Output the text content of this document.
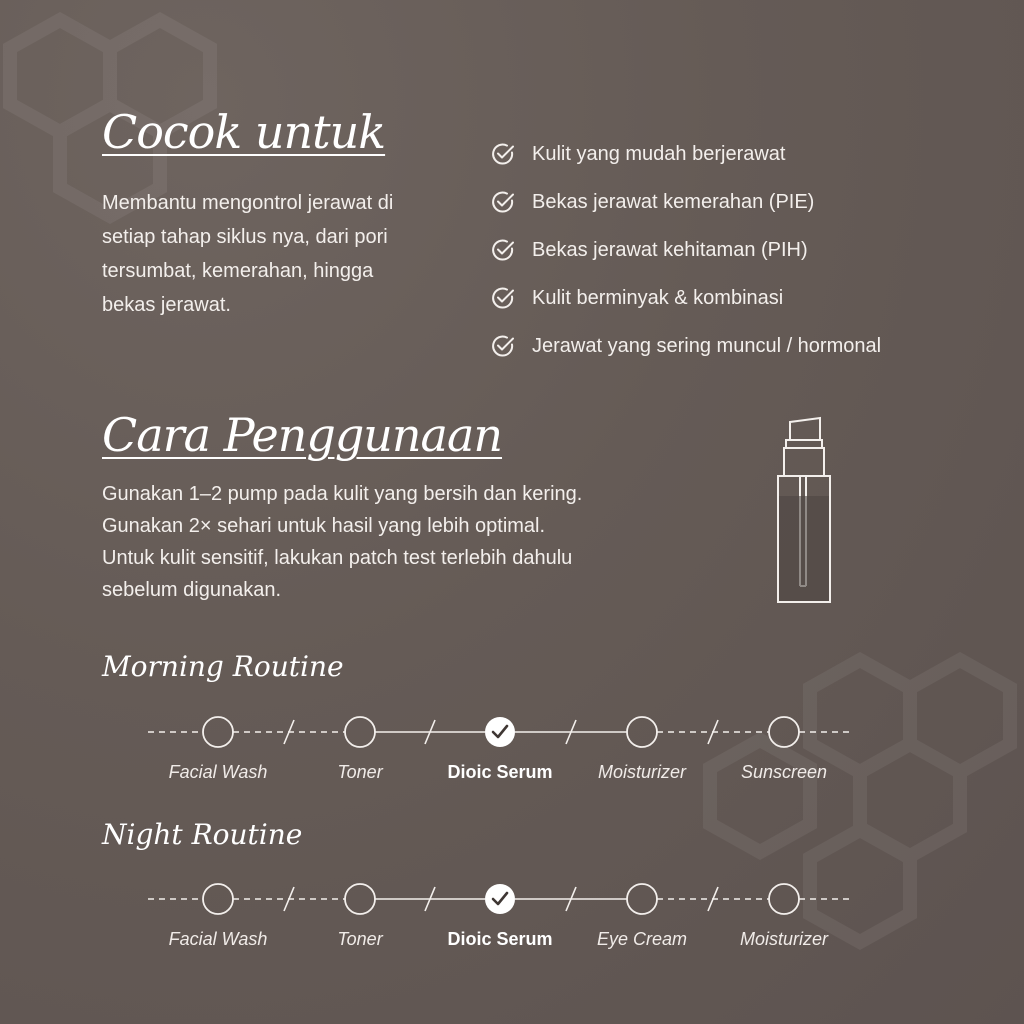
Cocok untuk

Membantu mengontrol jerawat di setiap tahap siklus nya, dari pori tersumbat, kemerahan, hingga bekas jerawat.

Kulit yang mudah berjerawat
Bekas jerawat kemerahan (PIE)
Bekas jerawat kehitaman (PIH)
Kulit berminyak & kombinasi
Jerawat yang sering muncul / hormonal
Cara Penggunaan
Gunakan 1–2 pump pada kulit yang bersih dan kering.
Gunakan 2× sehari untuk hasil yang lebih optimal.
Untuk kulit sensitif, lakukan patch test terlebih dahulu
sebelum digunakan.
Morning Routine
Facial Wash	Toner	Dioic Serum	Moisturizer	Sunscreen
Night Routine
Facial Wash	Toner	Dioic Serum	Eye Cream	Moisturizer
